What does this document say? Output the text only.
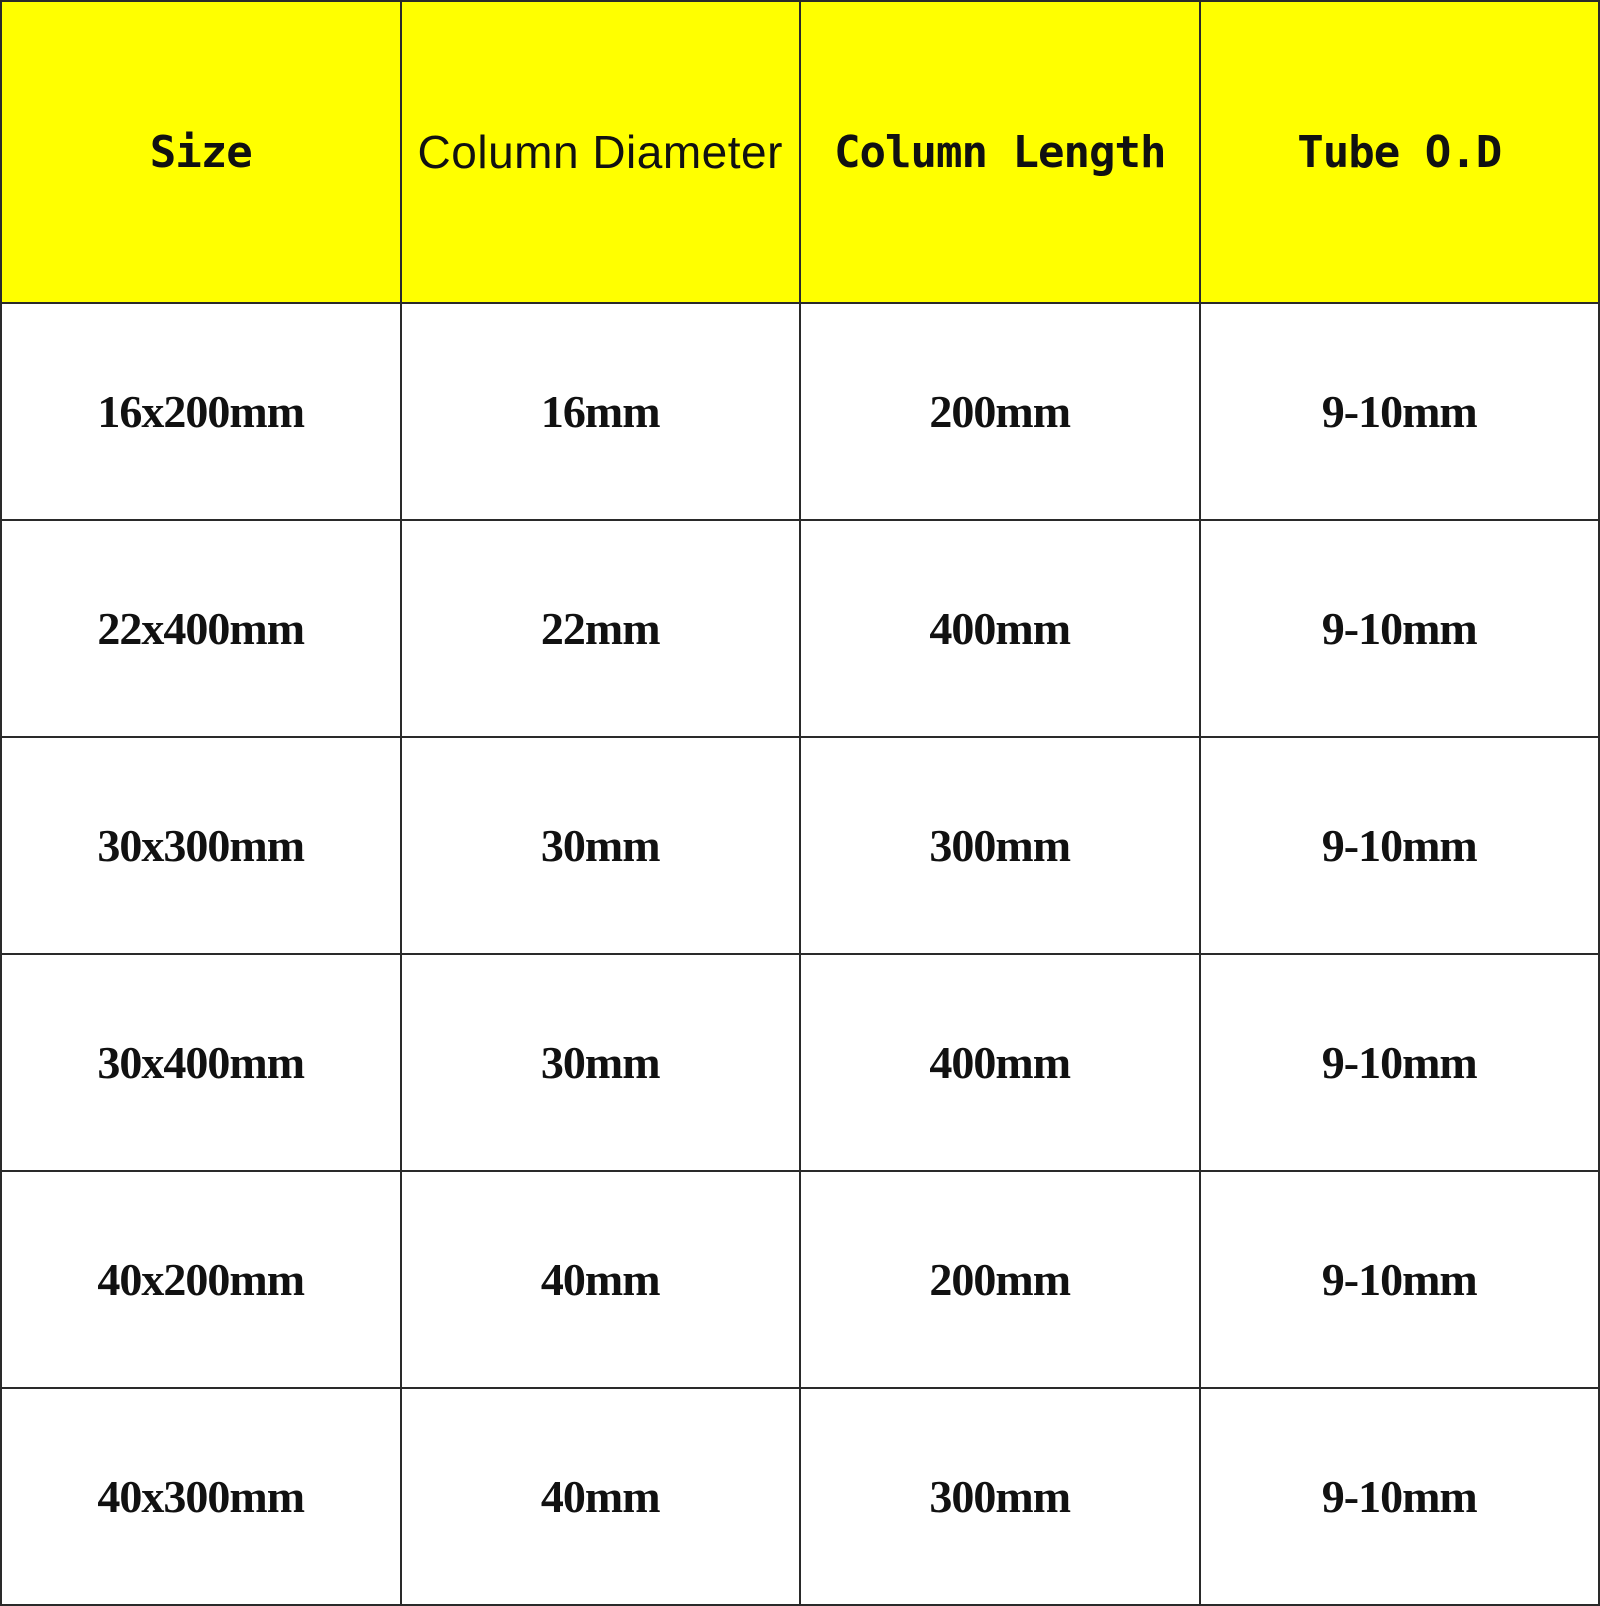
Size	Column Diameter	Column Length	Tube O.D
16x200mm	16mm	200mm	9-10mm
22x400mm	22mm	400mm	9-10mm
30x300mm	30mm	300mm	9-10mm
30x400mm	30mm	400mm	9-10mm
40x200mm	40mm	200mm	9-10mm
40x300mm	40mm	300mm	9-10mm
